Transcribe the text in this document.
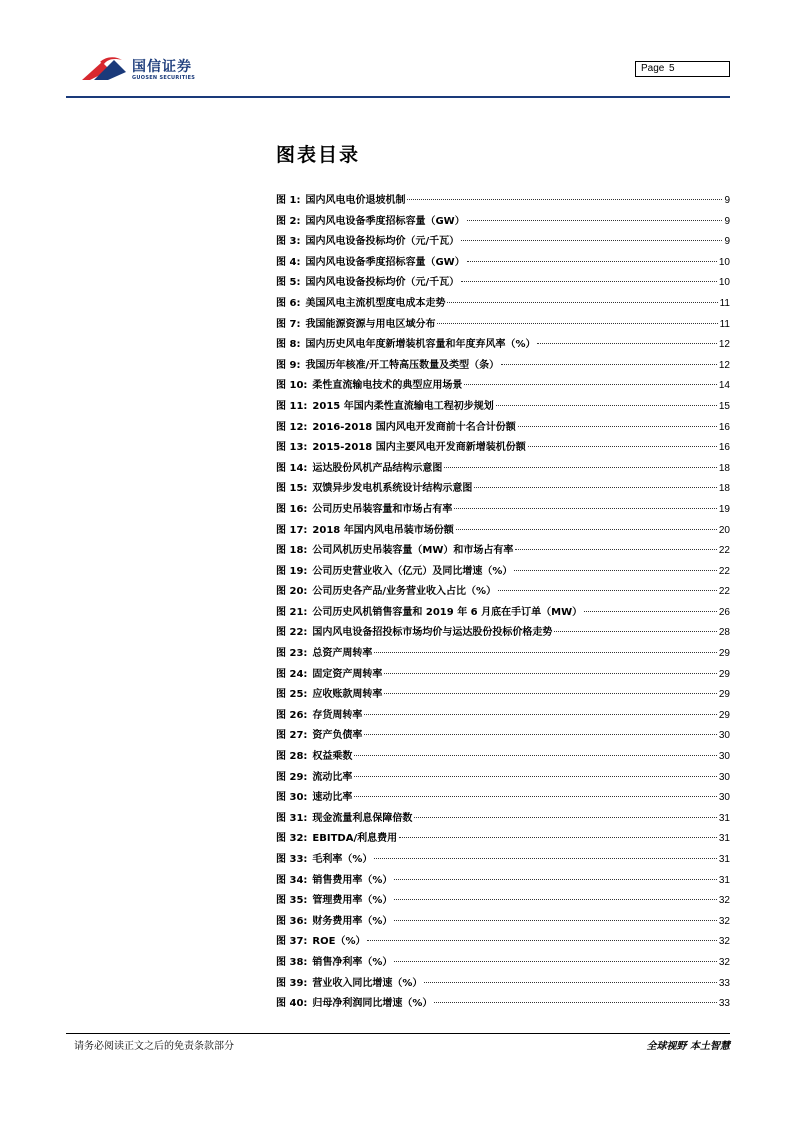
国信证券
GUOSEN SECURITIES
Page 5
图表目录
图 1: 国内风电电价退坡机制	9
图 2: 国内风电设备季度招标容量（GW）	9
图 3: 国内风电设备投标均价（元/千瓦）	9
图 4: 国内风电设备季度招标容量（GW）	10
图 5: 国内风电设备投标均价（元/千瓦）	10
图 6: 美国风电主流机型度电成本走势	11
图 7: 我国能源资源与用电区域分布	11
图 8: 国内历史风电年度新增装机容量和年度弃风率（%）	12
图 9: 我国历年核准/开工特高压数量及类型（条）	12
图 10: 柔性直流输电技术的典型应用场景	14
图 11: 2015 年国内柔性直流输电工程初步规划	15
图 12: 2016-2018 国内风电开发商前十名合计份额	16
图 13: 2015-2018 国内主要风电开发商新增装机份额	16
图 14: 运达股份风机产品结构示意图	18
图 15: 双馈异步发电机系统设计结构示意图	18
图 16: 公司历史吊装容量和市场占有率	19
图 17: 2018 年国内风电吊装市场份额	20
图 18: 公司风机历史吊装容量（MW）和市场占有率	22
图 19: 公司历史营业收入（亿元）及同比增速（%）	22
图 20: 公司历史各产品/业务营业收入占比（%）	22
图 21: 公司历史风机销售容量和 2019 年 6 月底在手订单（MW）	26
图 22: 国内风电设备招投标市场均价与运达股份投标价格走势	28
图 23: 总资产周转率	29
图 24: 固定资产周转率	29
图 25: 应收账款周转率	29
图 26: 存货周转率	29
图 27: 资产负债率	30
图 28: 权益乘数	30
图 29: 流动比率	30
图 30: 速动比率	30
图 31: 现金流量利息保障倍数	31
图 32: EBITDA/利息费用	31
图 33: 毛利率（%）	31
图 34: 销售费用率（%）	31
图 35: 管理费用率（%）	32
图 36: 财务费用率（%）	32
图 37: ROE（%）	32
图 38: 销售净利率（%）	32
图 39: 营业收入同比增速（%）	33
图 40: 归母净利润同比增速（%）	33
请务必阅读正文之后的免责条款部分	全球视野 本土智慧
